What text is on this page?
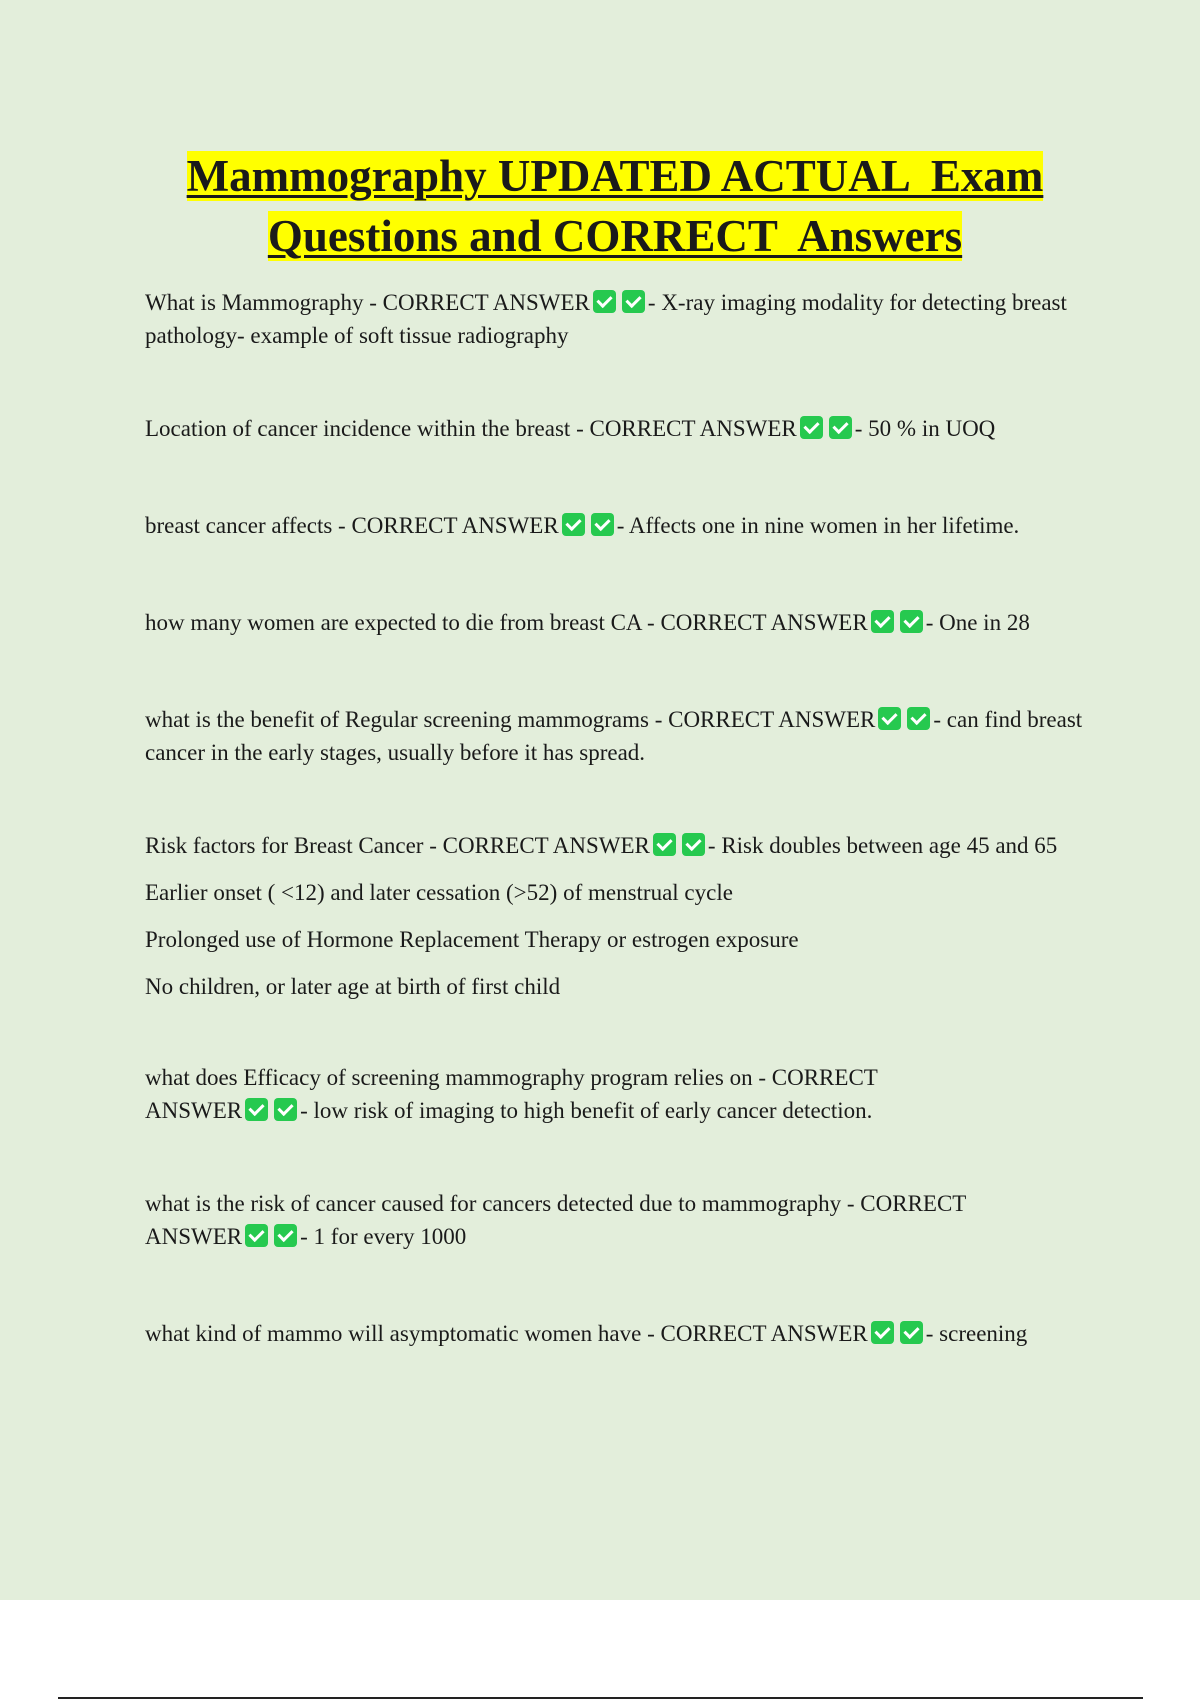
Mammography UPDATED ACTUAL  Exam
Questions and CORRECT  Answers

What is Mammography - CORRECT ANSWER	- X-ray imaging modality for detecting breast pathology- example of soft tissue radiography

Location of cancer incidence within the breast - CORRECT ANSWER	- 50 % in UOQ

breast cancer affects - CORRECT ANSWER	- Affects one in nine women in her lifetime.

how many women are expected to die from breast CA - CORRECT ANSWER	- One in 28

what is the benefit of Regular screening mammograms - CORRECT ANSWER	- can find breast cancer in the early stages, usually before it has spread.

Risk factors for Breast Cancer - CORRECT ANSWER	- Risk doubles between age 45 and 65

Earlier onset ( <12) and later cessation (>52) of menstrual cycle

Prolonged use of Hormone Replacement Therapy or estrogen exposure

No children, or later age at birth of first child

what does Efficacy of screening mammography program relies on - CORRECT ANSWER	- low risk of imaging to high benefit of early cancer detection.

what is the risk of cancer caused for cancers detected due to mammography - CORRECT ANSWER	- 1 for every 1000

what kind of mammo will asymptomatic women have - CORRECT ANSWER	- screening
